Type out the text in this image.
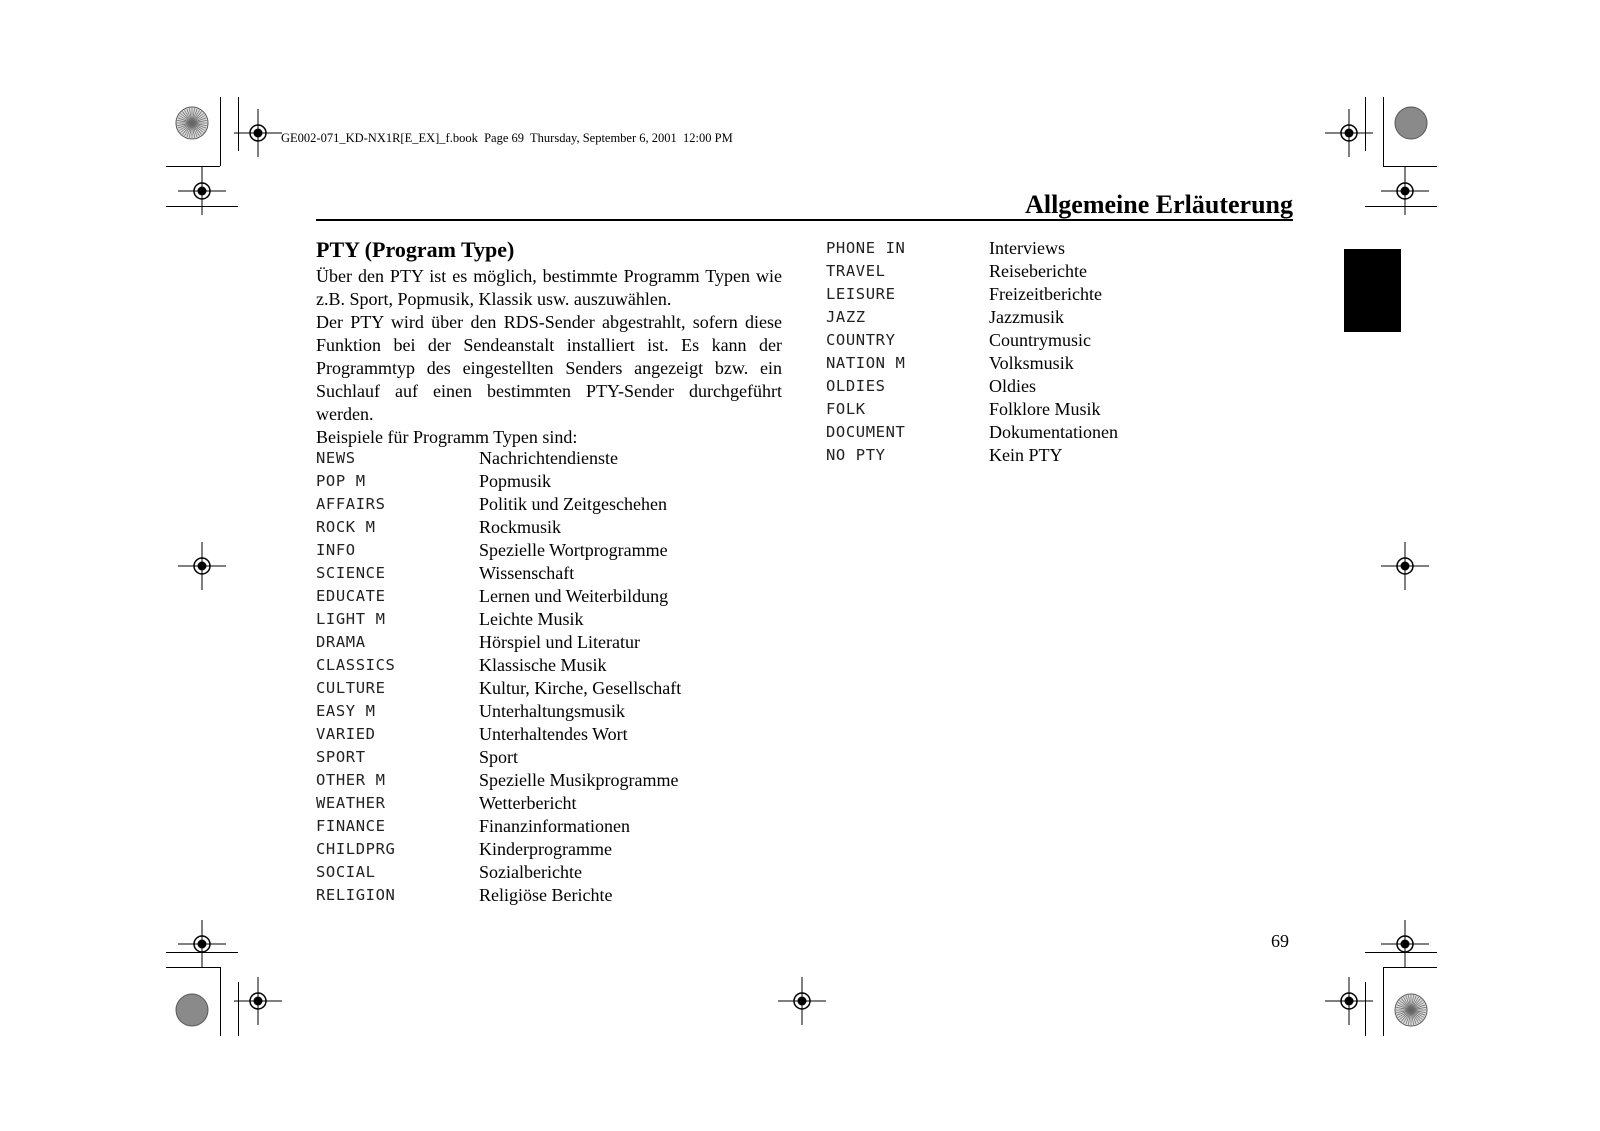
GE002-071_KD-NX1R[E_EX]_f.book  Page 69  Thursday, September 6, 2001  12:00 PM
Allgemeine Erläuterung
PTY (Program Type)

Über den PTY ist es möglich, bestimmte Programm Typen wie z.B. Sport, Popmusik, Klassik usw. auszuwählen.

Der PTY wird über den RDS-Sender abgestrahlt, sofern diese Funktion bei der Sendeanstalt installiert ist. Es kann der Programmtyp des eingestellten Senders angezeigt bzw. ein Suchlauf auf einen bestimmten PTY-Sender durchgeführt werden.

Beispiele für Programm Typen sind:

NEWS	Nachrichtendienste
POP M	Popmusik
AFFAIRS	Politik und Zeitgeschehen
ROCK M	Rockmusik
INFO	Spezielle Wortprogramme
SCIENCE	Wissenschaft
EDUCATE	Lernen und Weiterbildung
LIGHT M	Leichte Musik
DRAMA	Hörspiel und Literatur
CLASSICS	Klassische Musik
CULTURE	Kultur, Kirche, Gesellschaft
EASY M	Unterhaltungsmusik
VARIED	Unterhaltendes Wort
SPORT	Sport
OTHER M	Spezielle Musikprogramme
WEATHER	Wetterbericht
FINANCE	Finanzinformationen
CHILDPRG	Kinderprogramme
SOCIAL	Sozialberichte
RELIGION	Religiöse Berichte
PHONE IN	Interviews
TRAVEL	Reiseberichte
LEISURE	Freizeitberichte
JAZZ	Jazzmusik
COUNTRY	Countrymusic
NATION M	Volksmusik
OLDIES	Oldies
FOLK	Folklore Musik
DOCUMENT	Dokumentationen
NO PTY	Kein PTY
69
